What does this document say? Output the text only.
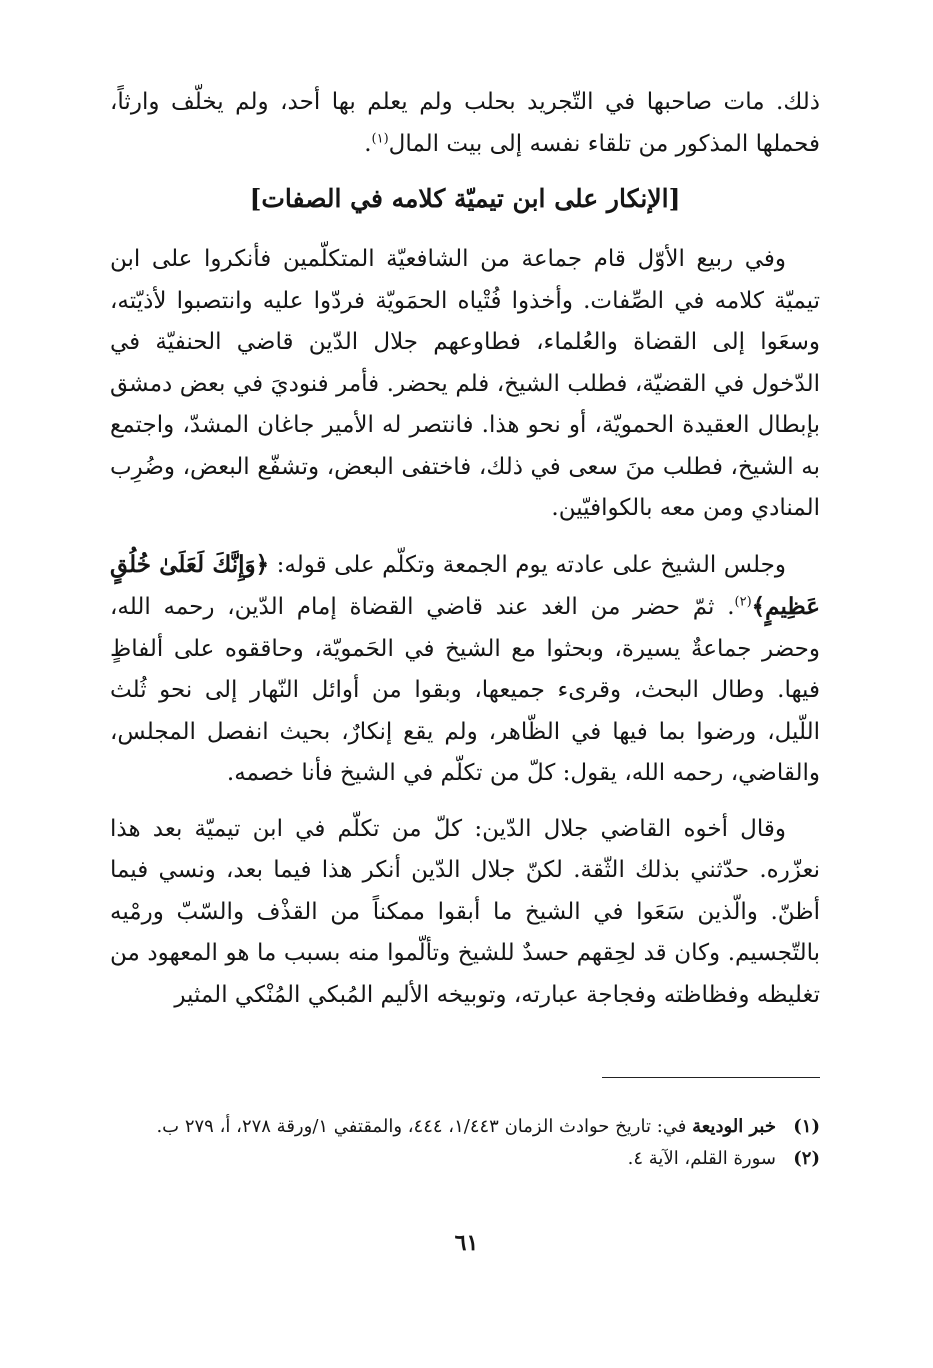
ذلك. مات صاحبها في التّجريد بحلب ولم يعلم بها أحد، ولم يخلّف وارثاً، فحملها المذكور من تلقاء نفسه إلى بيت المال$^{(١)}$.

[الإنكار على ابن تيميّة كلامه في الصفات]

وفي ربيع الأوّل قام جماعة من الشافعيّة المتكلّمين فأنكروا على ابن تيميّة كلامه في الصِّفات. وأخذوا فُتْياه الحمَويّة فردّوا عليه وانتصبوا لأذيّته، وسعَوا إلى القضاة والعُلماء، فطاوعهم جلال الدّين قاضي الحنفيّة في الدّخول في القضيّة، فطلب الشيخ، فلم يحضر. فأمر فنوديَ في بعض دمشق بإبطال العقيدة الحمويّة، أو نحو هذا. فانتصر له الأمير جاغان المشدّ، واجتمع به الشيخ، فطلب منَ سعى في ذلك، فاختفى البعض، وتشفّع البعض، وضُرِب المنادي ومن معه بالكوافيّين.

وجلس الشيخ على عادته يوم الجمعة وتكلّم على قوله: ﴿وَإِنَّكَ لَعَلَىٰ خُلُقٍ عَظِيمٍ﴾$^{(٢)}$. ثمّ حضر من الغد عند قاضي القضاة إمام الدّين، رحمه الله، وحضر جماعةٌ يسيرة، وبحثوا مع الشيخ في الحَمويّة، وحاققوه على ألفاظٍ فيها. وطال البحث، وقرىء جميعها، وبقوا من أوائل النّهار إلى نحو ثُلث اللّيل، ورضوا بما فيها في الظّاهر، ولم يقع إنكارٌ، بحيث انفصل المجلس، والقاضي، رحمه الله، يقول: كلّ من تكلّم في الشيخ فأنا خصمه.

وقال أخوه القاضي جلال الدّين: كلّ من تكلّم في ابن تيميّة بعد هذا نعزّره. حدّثني بذلك الثّقة. لكنّ جلال الدّين أنكر هذا فيما بعد، ونسي فيما أظنّ. والّذين سَعَوا في الشيخ ما أبقوا ممكناً من القذْف والسّبّ ورمْيه بالتّجسيم. وكان قد لحِقهم حسدٌ للشيخ وتألّموا منه بسبب ما هو المعهود من تغليظه وفظاظته وفجاجة عبارته، وتوبيخه الأليم المُبكي المُنْكي المثير

(١)
خبر الوديعة في: تاريخ حوادث الزمان ١/٤٤٣، ٤٤٤، والمقتفي ١/ورقة ٢٧٨، أ، ٢٧٩ ب.
(٢)
سورة القلم، الآية ٤.
٦١
